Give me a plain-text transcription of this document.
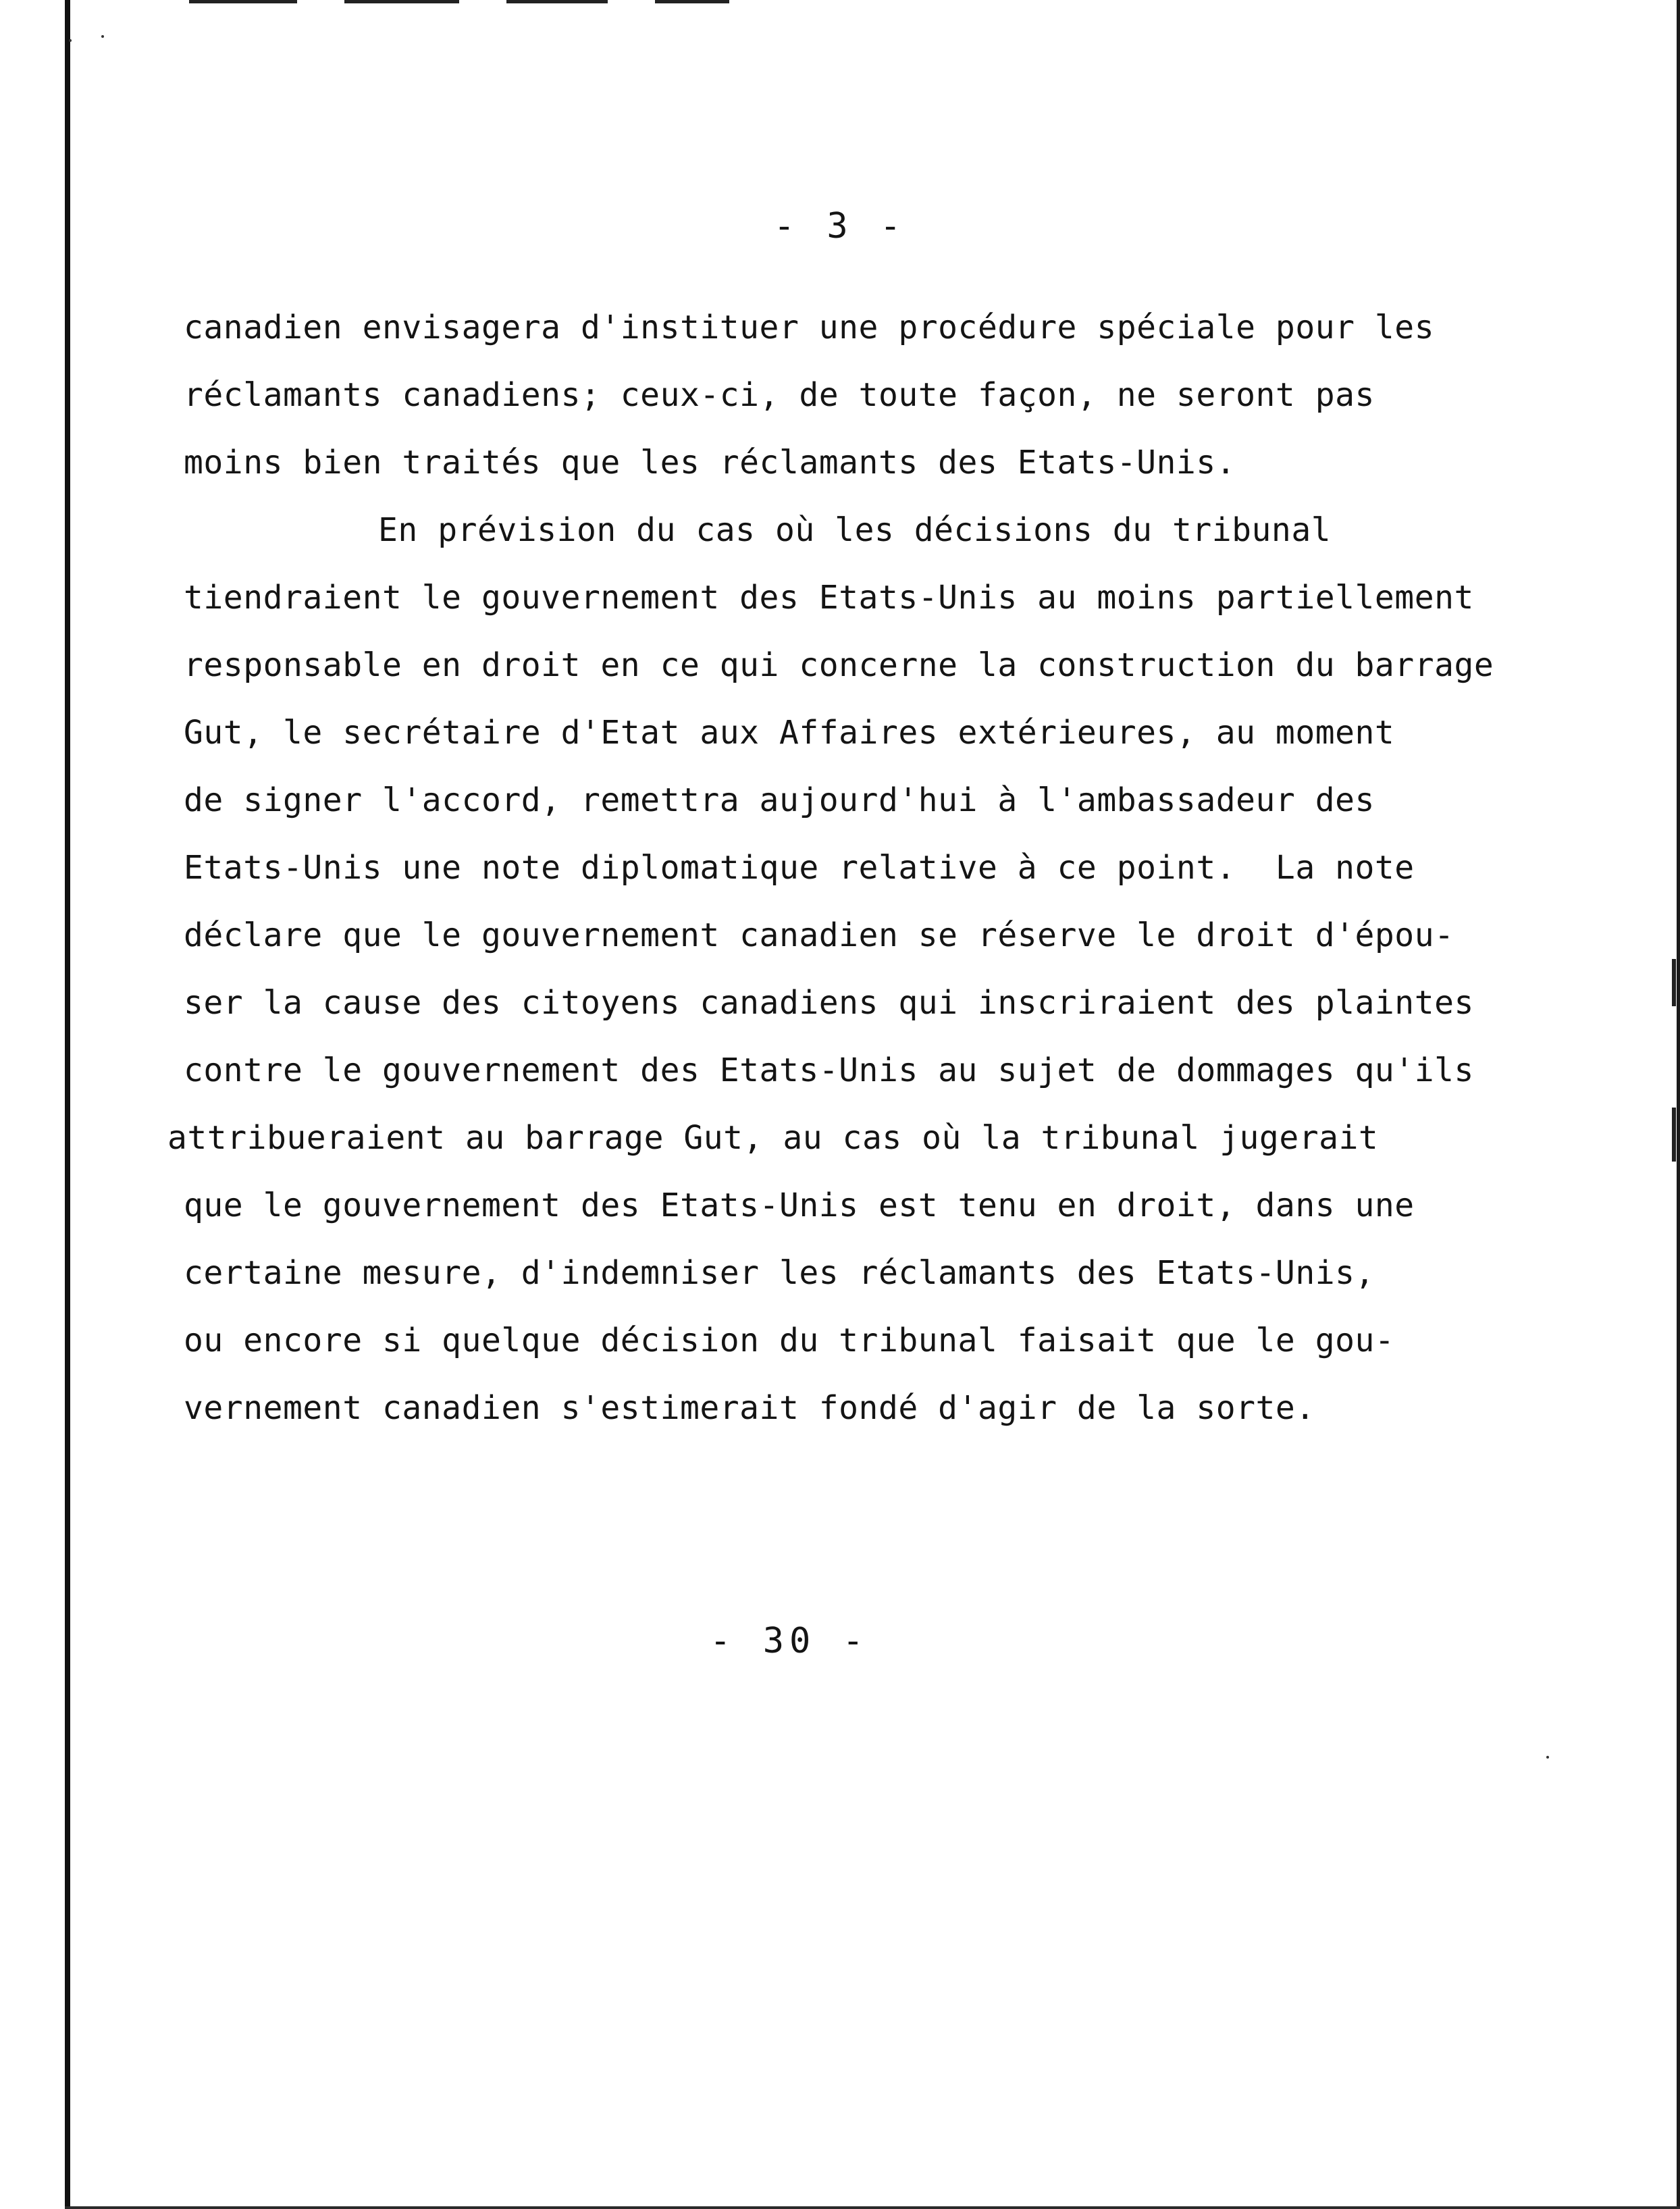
- 3 -
canadien envisagera d'instituer une procédure spéciale pour les
réclamants canadiens; ceux-ci, de toute façon, ne seront pas
moins bien traités que les réclamants des Etats-Unis.
En prévision du cas où les décisions du tribunal
tiendraient le gouvernement des Etats-Unis au moins partiellement
responsable en droit en ce qui concerne la construction du barrage
Gut, le secrétaire d'Etat aux Affaires extérieures, au moment
de signer l'accord, remettra aujourd'hui à l'ambassadeur des
Etats-Unis une note diplomatique relative à ce point.  La note
déclare que le gouvernement canadien se réserve le droit d'épou-
ser la cause des citoyens canadiens qui inscriraient des plaintes
contre le gouvernement des Etats-Unis au sujet de dommages qu'ils
attribueraient au barrage Gut, au cas où la tribunal jugerait
que le gouvernement des Etats-Unis est tenu en droit, dans une
certaine mesure, d'indemniser les réclamants des Etats-Unis,
ou encore si quelque décision du tribunal faisait que le gou-
vernement canadien s'estimerait fondé d'agir de la sorte.
- 30 -
